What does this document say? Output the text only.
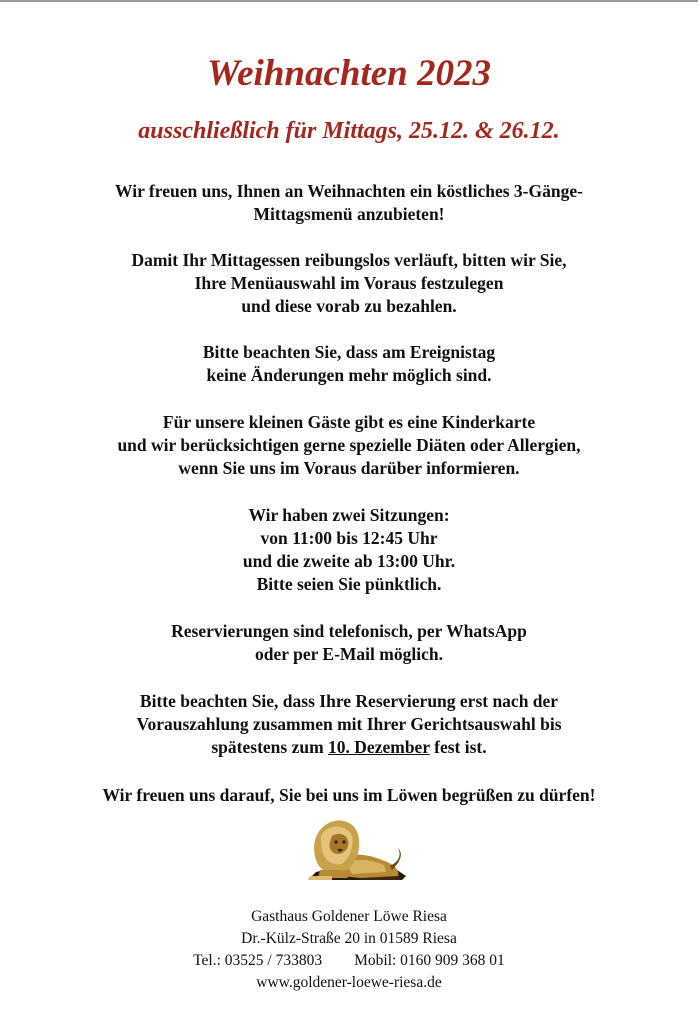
Weihnachten 2023
ausschließlich für Mittags, 25.12. & 26.12.

Wir freuen uns, Ihnen an Weihnachten ein köstliches 3-Gänge-

Mittagsmenü anzubieten!

Damit Ihr Mittagessen reibungslos verläuft, bitten wir Sie,

Ihre Menüauswahl im Voraus festzulegen

und diese vorab zu bezahlen.

Bitte beachten Sie, dass am Ereignistag

keine Änderungen mehr möglich sind.

Für unsere kleinen Gäste gibt es eine Kinderkarte

und wir berücksichtigen gerne spezielle Diäten oder Allergien,

wenn Sie uns im Voraus darüber informieren.

Wir haben zwei Sitzungen:

von 11:00 bis 12:45 Uhr

und die zweite ab 13:00 Uhr.

Bitte seien Sie pünktlich.

Reservierungen sind telefonisch, per WhatsApp

oder per E-Mail möglich.

Bitte beachten Sie, dass Ihre Reservierung erst nach der

Vorauszahlung zusammen mit Ihrer Gerichtsauswahl bis

spätestens zum 10. Dezember fest ist.

Wir freuen uns darauf, Sie bei uns im Löwen begrüßen zu dürfen!

Gasthaus Goldener Löwe Riesa

Dr.-Külz-Straße 20 in 01589 Riesa

Tel.: 03525 / 733803 Mobil: 0160 909 368 01

www.goldener-loewe-riesa.de
